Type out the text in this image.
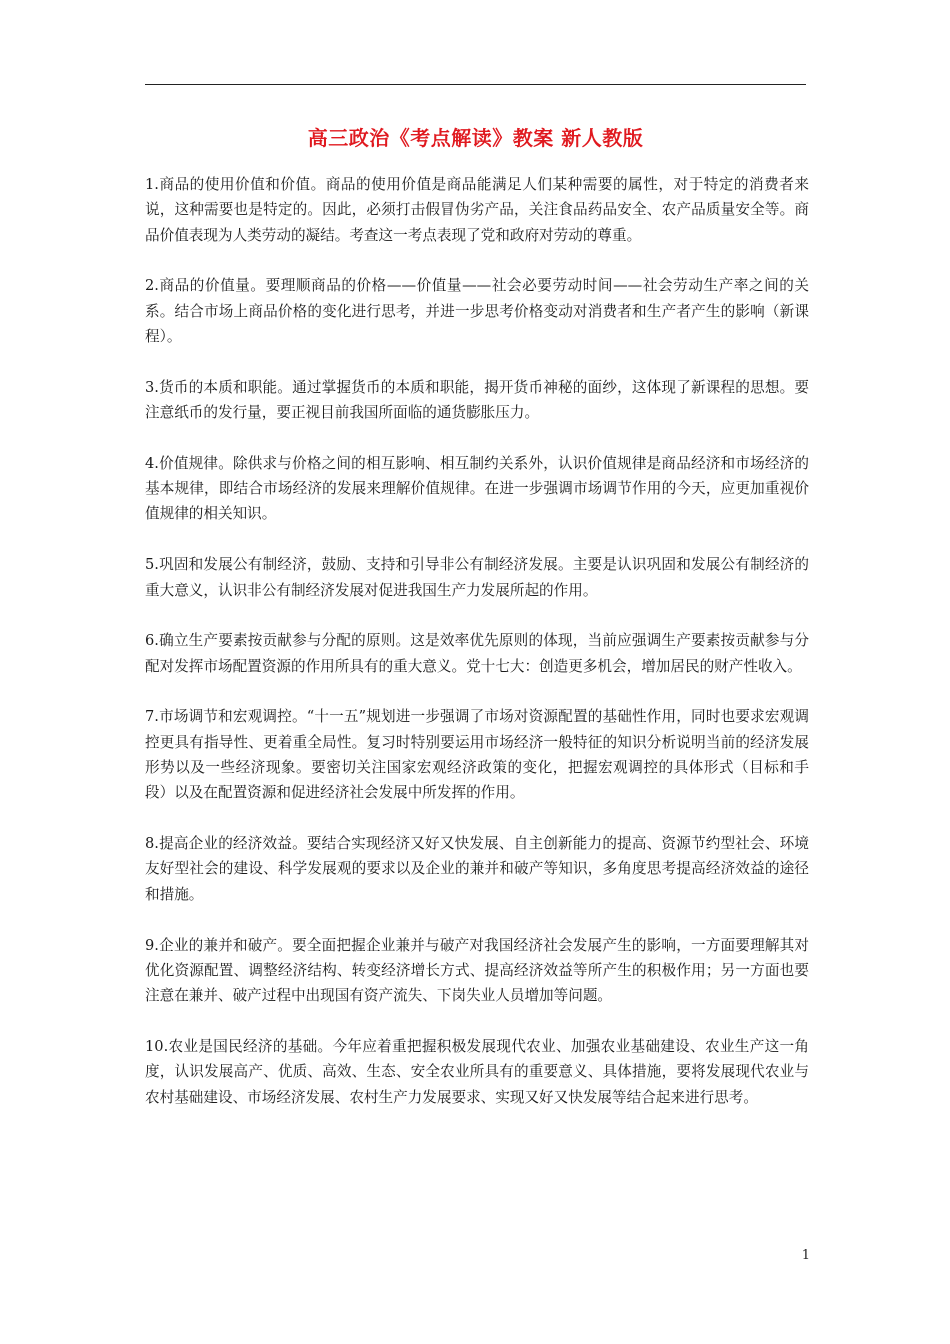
高三政治《考点解读》教案 新人教版

1.商品的使用价值和价值。商品的使用价值是商品能满足人们某种需要的属性，对于特定的消费者来说，这种需要也是特定的。因此，必须打击假冒伪劣产品，关注食品药品安全、农产品质量安全等。商品价值表现为人类劳动的凝结。考查这一考点表现了党和政府对劳动的尊重。

2.商品的价值量。要理顺商品的价格——价值量——社会必要劳动时间——社会劳动生产率之间的关系。结合市场上商品价格的变化进行思考，并进一步思考价格变动对消费者和生产者产生的影响（新课程）。

3.货币的本质和职能。通过掌握货币的本质和职能，揭开货币神秘的面纱，这体现了新课程的思想。要注意纸币的发行量，要正视目前我国所面临的通货膨胀压力。

4.价值规律。除供求与价格之间的相互影响、相互制约关系外，认识价值规律是商品经济和市场经济的基本规律，即结合市场经济的发展来理解价值规律。在进一步强调市场调节作用的今天，应更加重视价值规律的相关知识。

5.巩固和发展公有制经济，鼓励、支持和引导非公有制经济发展。主要是认识巩固和发展公有制经济的重大意义，认识非公有制经济发展对促进我国生产力发展所起的作用。

6.确立生产要素按贡献参与分配的原则。这是效率优先原则的体现，当前应强调生产要素按贡献参与分配对发挥市场配置资源的作用所具有的重大意义。党十七大：创造更多机会，增加居民的财产性收入。

7.市场调节和宏观调控。“十一五”规划进一步强调了市场对资源配置的基础性作用，同时也要求宏观调控更具有指导性、更着重全局性。复习时特别要运用市场经济一般特征的知识分析说明当前的经济发展形势以及一些经济现象。要密切关注国家宏观经济政策的变化，把握宏观调控的具体形式（目标和手段）以及在配置资源和促进经济社会发展中所发挥的作用。

8.提高企业的经济效益。要结合实现经济又好又快发展、自主创新能力的提高、资源节约型社会、环境友好型社会的建设、科学发展观的要求以及企业的兼并和破产等知识，多角度思考提高经济效益的途径和措施。

9.企业的兼并和破产。要全面把握企业兼并与破产对我国经济社会发展产生的影响，一方面要理解其对优化资源配置、调整经济结构、转变经济增长方式、提高经济效益等所产生的积极作用；另一方面也要注意在兼并、破产过程中出现国有资产流失、下岗失业人员增加等问题。

10.农业是国民经济的基础。今年应着重把握积极发展现代农业、加强农业基础建设、农业生产这一角度，认识发展高产、优质、高效、生态、安全农业所具有的重要意义、具体措施，要将发展现代农业与农村基础建设、市场经济发展、农村生产力发展要求、实现又好又快发展等结合起来进行思考。

1
